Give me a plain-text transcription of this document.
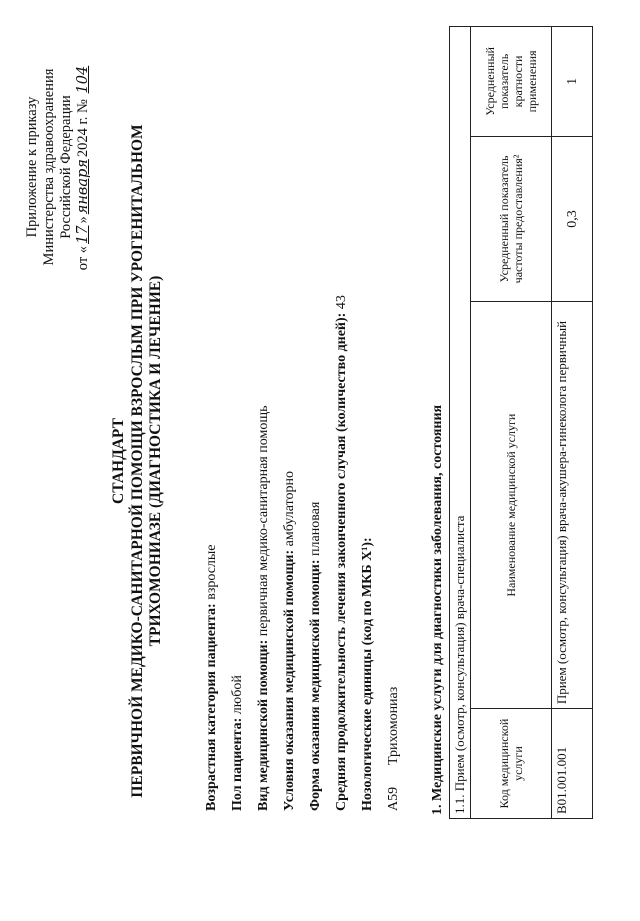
Приложение к приказу Министерства здравоохранения Российской Федерации
от «17»января2024 г. № 104
СТАНДАРТ ПЕРВИЧНОЙ МЕДИКО-САНИТАРНОЙ ПОМОЩИ ВЗРОСЛЫМ ПРИ УРОГЕНИТАЛЬНОМ ТРИХОМОНИАЗЕ (ДИАГНОСТИКА И ЛЕЧЕНИЕ)
Возрастная категория пациента: взрослые
Пол пациента: любой Вид медицинской помощи: первичная медико-санитарная помощь
Условия оказания медицинской помощи: амбулаторно
Форма оказания медицинской помощи: плановая Средняя продолжительность лечения законченного случая (количество дней): 43
Нозологические единицы (код по МКБ X¹): A59Трихомониаз	1. Медицинские услуги для диагностики заболевания, состояния 1.1. Прием (осмотр, консультация) врача-специалиста			
Код медицинской услуги	Наименование медицинской услуги	Усредненный показатель частоты предоставления²	Усредненный показатель кратности применения
B01.001.001	Прием (осмотр, консультация) врача-акушера-гинеколога первичный	0,3	1
